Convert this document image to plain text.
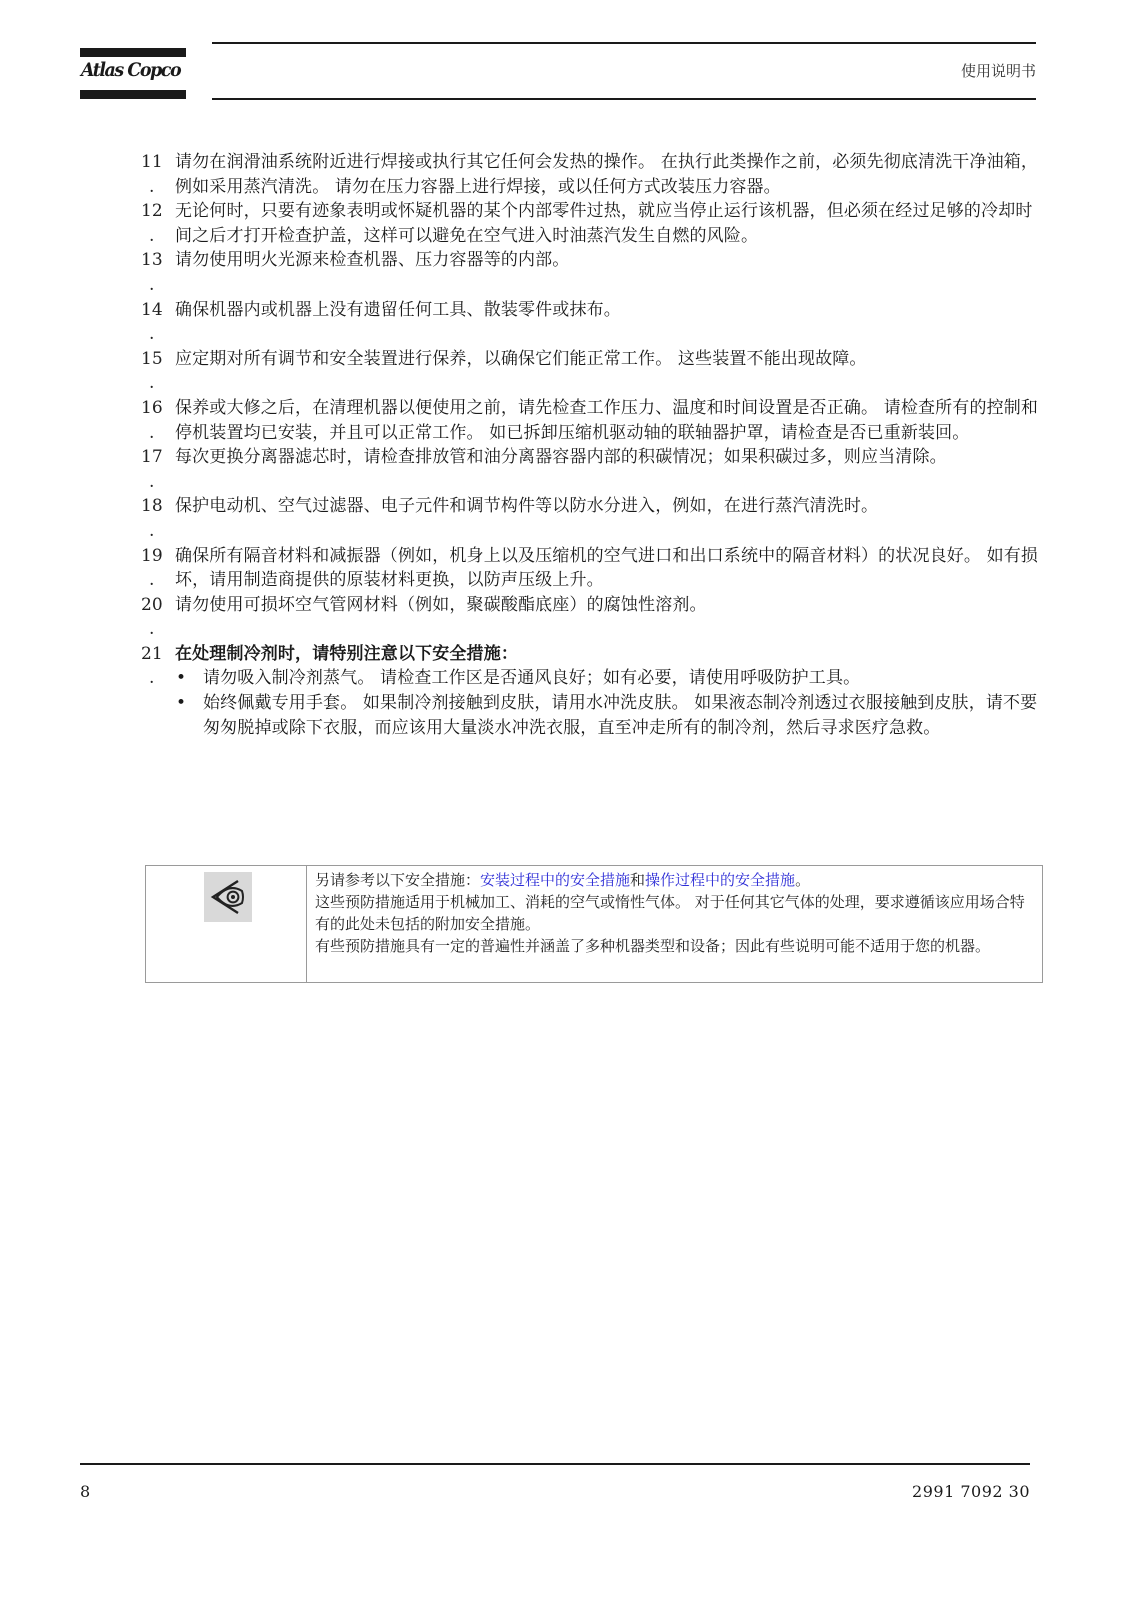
Atlas Copco	使用说明书
11
.
请勿在润滑油系统附近进行焊接或执行其它任何会发热的操作。 在执行此类操作之前，必须先彻底清洗干净油箱，例如采用蒸汽清洗。 请勿在压力容器上进行焊接，或以任何方式改装压力容器。
12
.
无论何时，只要有迹象表明或怀疑机器的某个内部零件过热，就应当停止运行该机器，但必须在经过足够的冷却时间之后才打开检查护盖，这样可以避免在空气进入时油蒸汽发生自燃的风险。
13
.
请勿使用明火光源来检查机器、压力容器等的内部。
14
.
确保机器内或机器上没有遗留任何工具、散装零件或抹布。
15
.
应定期对所有调节和安全装置进行保养，以确保它们能正常工作。 这些装置不能出现故障。
16
.
保养或大修之后，在清理机器以便使用之前，请先检查工作压力、温度和时间设置是否正确。 请检查所有的控制和停机装置均已安装，并且可以正常工作。 如已拆卸压缩机驱动轴的联轴器护罩，请检查是否已重新装回。
17
.
每次更换分离器滤芯时，请检查排放管和油分离器容器内部的积碳情况；如果积碳过多，则应当清除。
18
.
保护电动机、空气过滤器、电子元件和调节构件等以防水分进入，例如，在进行蒸汽清洗时。
19
.
确保所有隔音材料和减振器（例如，机身上以及压缩机的空气进口和出口系统中的隔音材料）的状况良好。 如有损坏，请用制造商提供的原装材料更换，以防声压级上升。
20
.
请勿使用可损坏空气管网材料（例如，聚碳酸酯底座）的腐蚀性溶剂。
21
.
在处理制冷剂时，请特别注意以下安全措施：
• 请勿吸入制冷剂蒸气。 请检查工作区是否通风良好；如有必要，请使用呼吸防护工具。
• 始终佩戴专用手套。 如果制冷剂接触到皮肤，请用水冲洗皮肤。 如果液态制冷剂透过衣服接触到皮肤，请不要匆匆脱掉或除下衣服，而应该用大量淡水冲洗衣服，直至冲走所有的制冷剂，然后寻求医疗急救。
另请参考以下安全措施：安装过程中的安全措施和操作过程中的安全措施。
这些预防措施适用于机械加工、消耗的空气或惰性气体。 对于任何其它气体的处理，要求遵循该应用场合特有的此处未包括的附加安全措施。
有些预防措施具有一定的普遍性并涵盖了多种机器类型和设备；因此有些说明可能不适用于您的机器。
8	2991 7092 30
